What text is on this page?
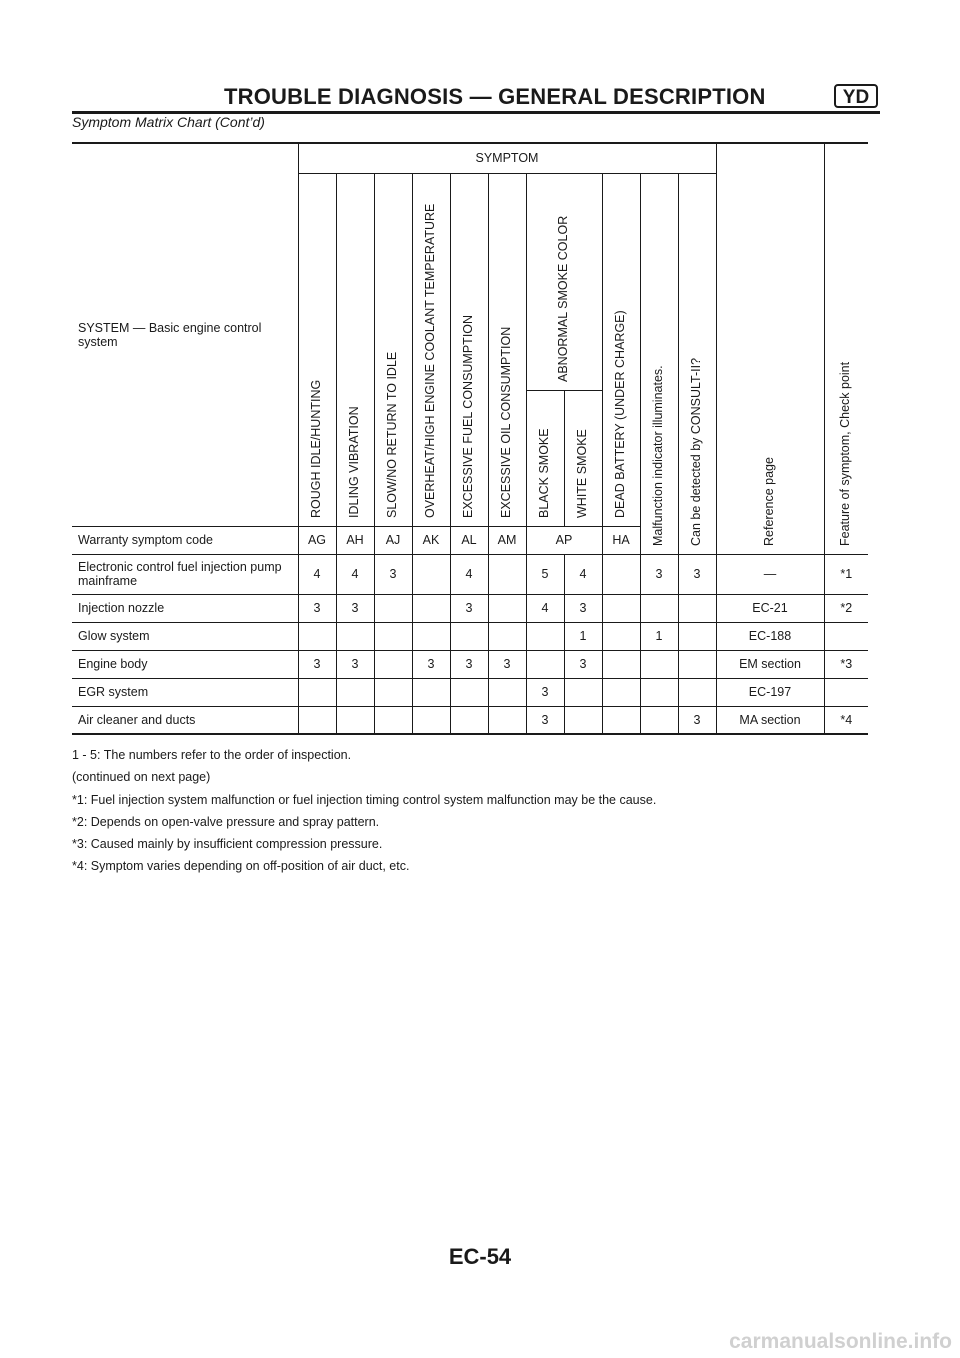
TROUBLE DIAGNOSIS — GENERAL DESCRIPTION	YD
Symptom Matrix Chart (Cont’d)
SYSTEM — Basic engine control system	SYMPTOM											Reference page	Feature of symptom, Check point

	ROUGH IDLE/HUNTING	IDLING VIBRATION	SLOW/NO RETURN TO IDLE	OVERHEAT/HIGH ENGINE COOLANT TEMPERATURE	EXCESSIVE FUEL CONSUMPTION	EXCESSIVE OIL CONSUMPTION	ABNORMAL SMOKE COLOR		DEAD BATTERY (UNDER CHARGE)	Malfunction indicator illuminates.	Can be detected by CONSULT-II?		

							BLACK SMOKE	WHITE SMOKE					

Warranty symptom code	AG	AH	AJ	AK	AL	AM	AP		HA				
Electronic control fuel injection pump mainframe	4	4	3		4		5	4		3	3	—	*1
Injection nozzle	3	3			3		4	3				EC-21	*2
Glow system								1		1		EC-188	
Engine body	3	3		3	3	3		3				EM section	*3
EGR system							3					EC-197	
Air cleaner and ducts							3				3	MA section	*4
1 - 5: The numbers refer to the order of inspection.
(continued on next page)
*1: Fuel injection system malfunction or fuel injection timing control system malfunction may be the cause.
*2: Depends on open-valve pressure and spray pattern.
*3: Caused mainly by insufficient compression pressure.
*4: Symptom varies depending on off-position of air duct, etc.
EC-54
carmanualsonline.info
